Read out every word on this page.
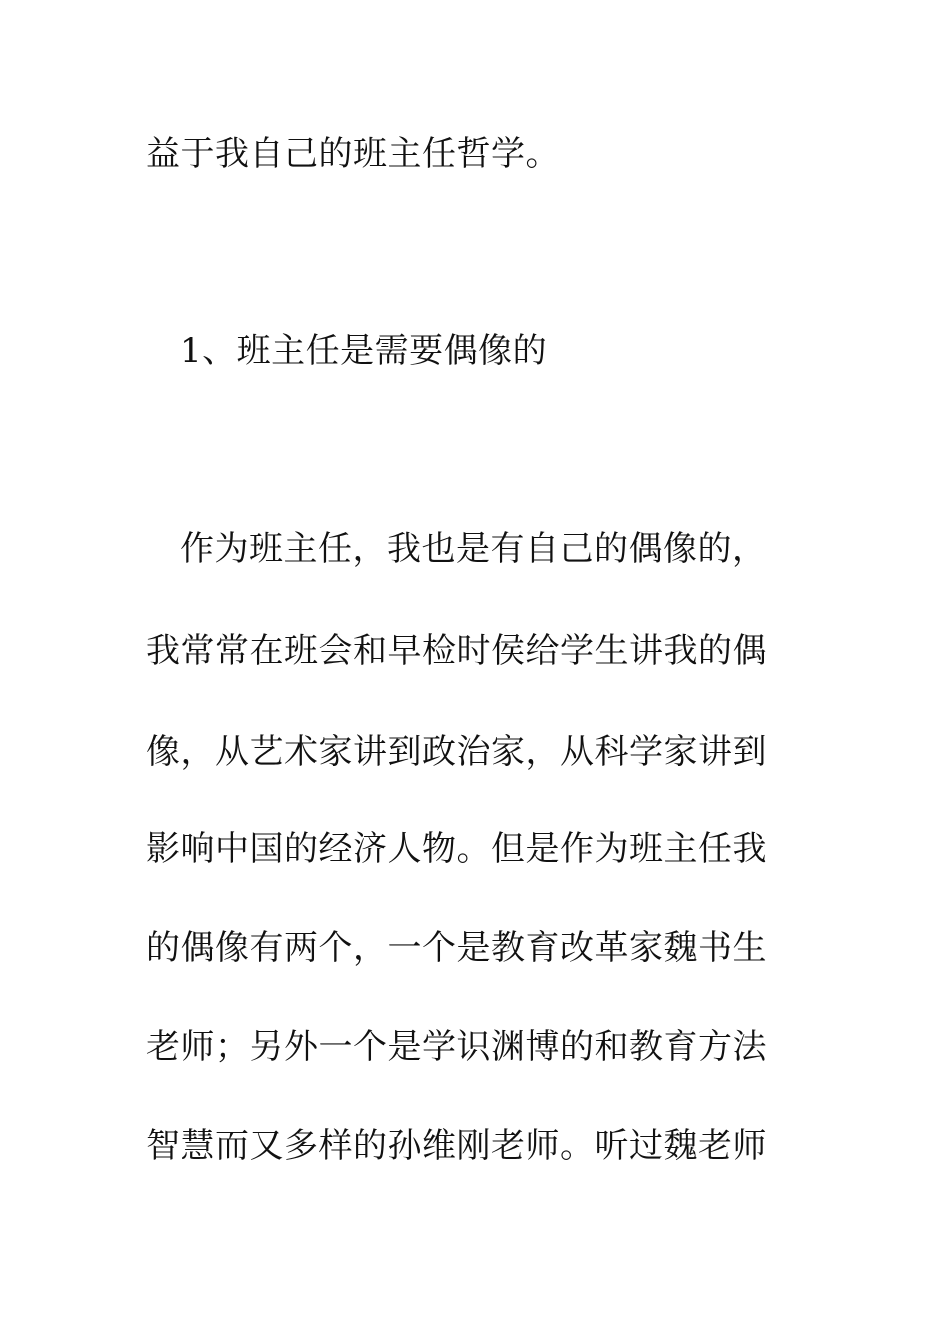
益于我自己的班主任哲学。

1、班主任是需要偶像的

作为班主任，我也是有自己的偶像的，

我常常在班会和早检时侯给学生讲我的偶

像，从艺术家讲到政治家，从科学家讲到

影响中国的经济人物。但是作为班主任我

的偶像有两个，一个是教育改革家魏书生

老师；另外一个是学识渊博的和教育方法

智慧而又多样的孙维刚老师。听过魏老师
